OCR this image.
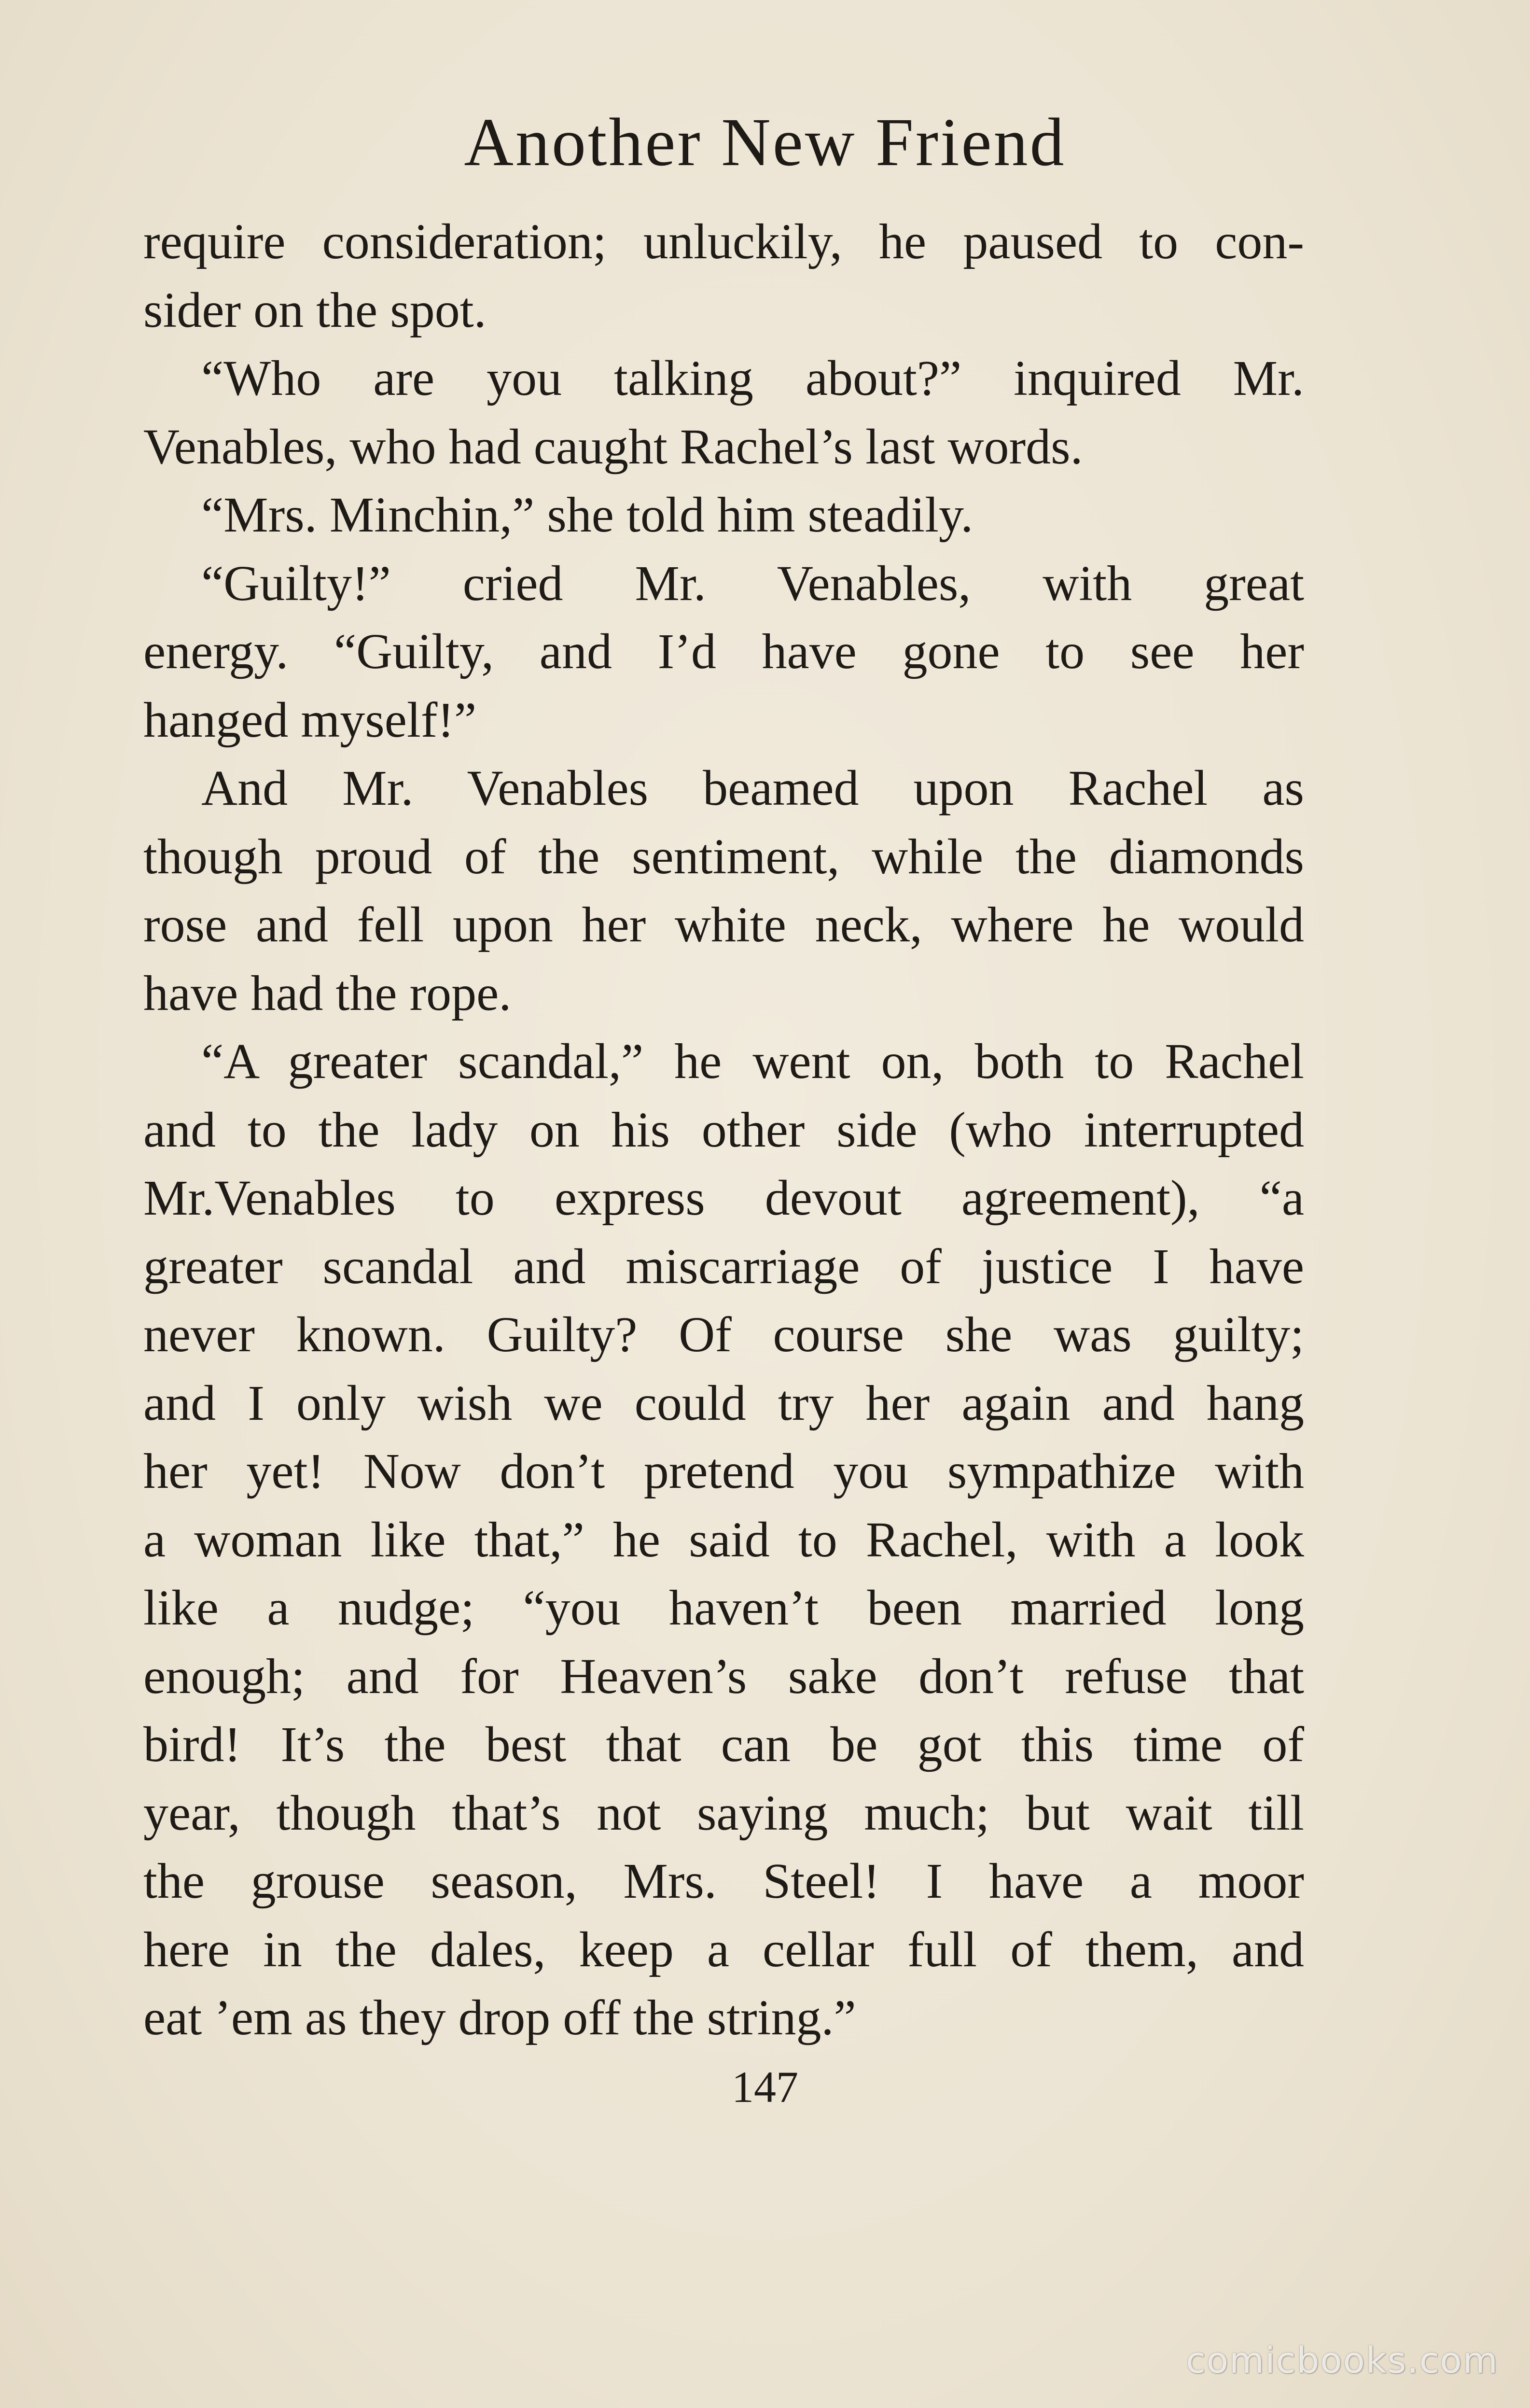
Another New Friend

require consideration; unluckily, he paused to con-
sider on the spot.

“Who are you talking about?” inquired Mr.
Venables, who had caught Rachel’s last words.

“Mrs. Minchin,” she told him steadily.

“Guilty!” cried Mr. Venables, with great
energy. “Guilty, and I’d have gone to see her
hanged myself!”

And Mr. Venables beamed upon Rachel as
though proud of the sentiment, while the diamonds
rose and fell upon her white neck, where he would
have had the rope.

“A greater scandal,” he went on, both to Rachel
and to the lady on his other side (who interrupted
Mr.Venables to express devout agreement), “a
greater scandal and miscarriage of justice I have
never known. Guilty? Of course she was guilty;
and I only wish we could try her again and hang
her yet! Now don’t pretend you sympathize with
a woman like that,” he said to Rachel, with a look
like a nudge; “you haven’t been married long
enough; and for Heaven’s sake don’t refuse that
bird! It’s the best that can be got this time of
year, though that’s not saying much; but wait till
the grouse season, Mrs. Steel! I have a moor
here in the dales, keep a cellar full of them, and
eat ’em as they drop off the string.”

147
comicbooks.com
